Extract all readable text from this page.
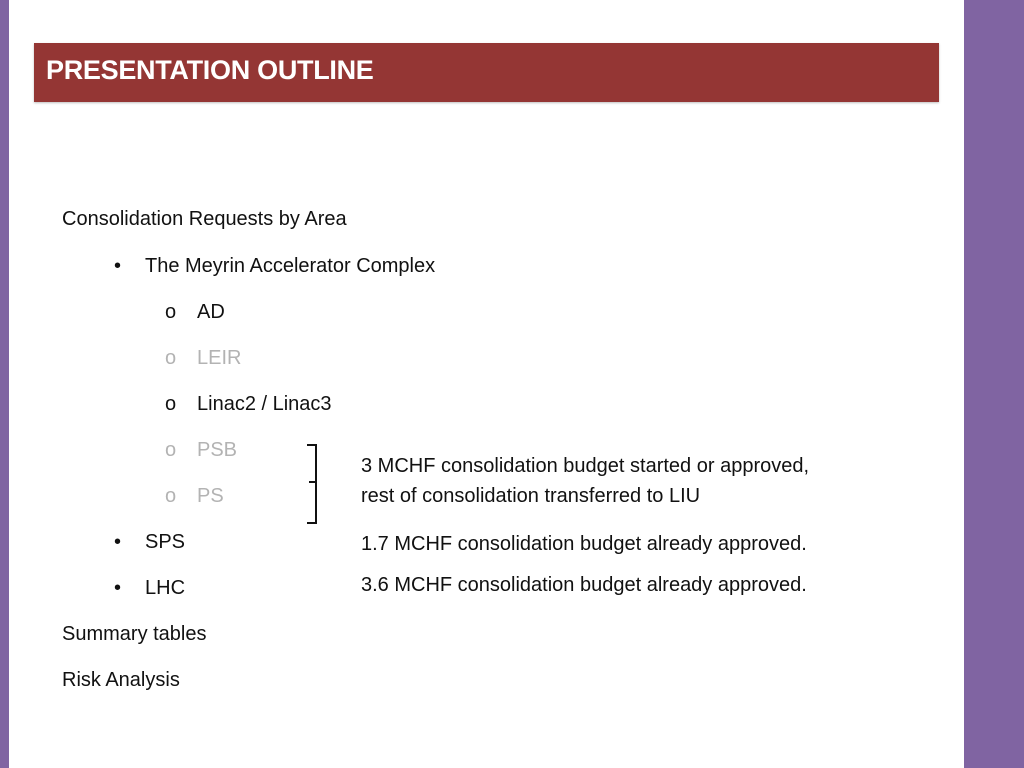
PRESENTATION OUTLINE
Consolidation Requests by Area
• The Meyrin Accelerator Complex
o AD
o LEIR
o Linac2 / Linac3
o PSB
o PS
• SPS
• LHC
Summary tables
Risk Analysis
3 MCHF consolidation budget started or approved,
rest of consolidation transferred to LIU
1.7 MCHF consolidation budget already approved.
3.6 MCHF consolidation budget already approved.
